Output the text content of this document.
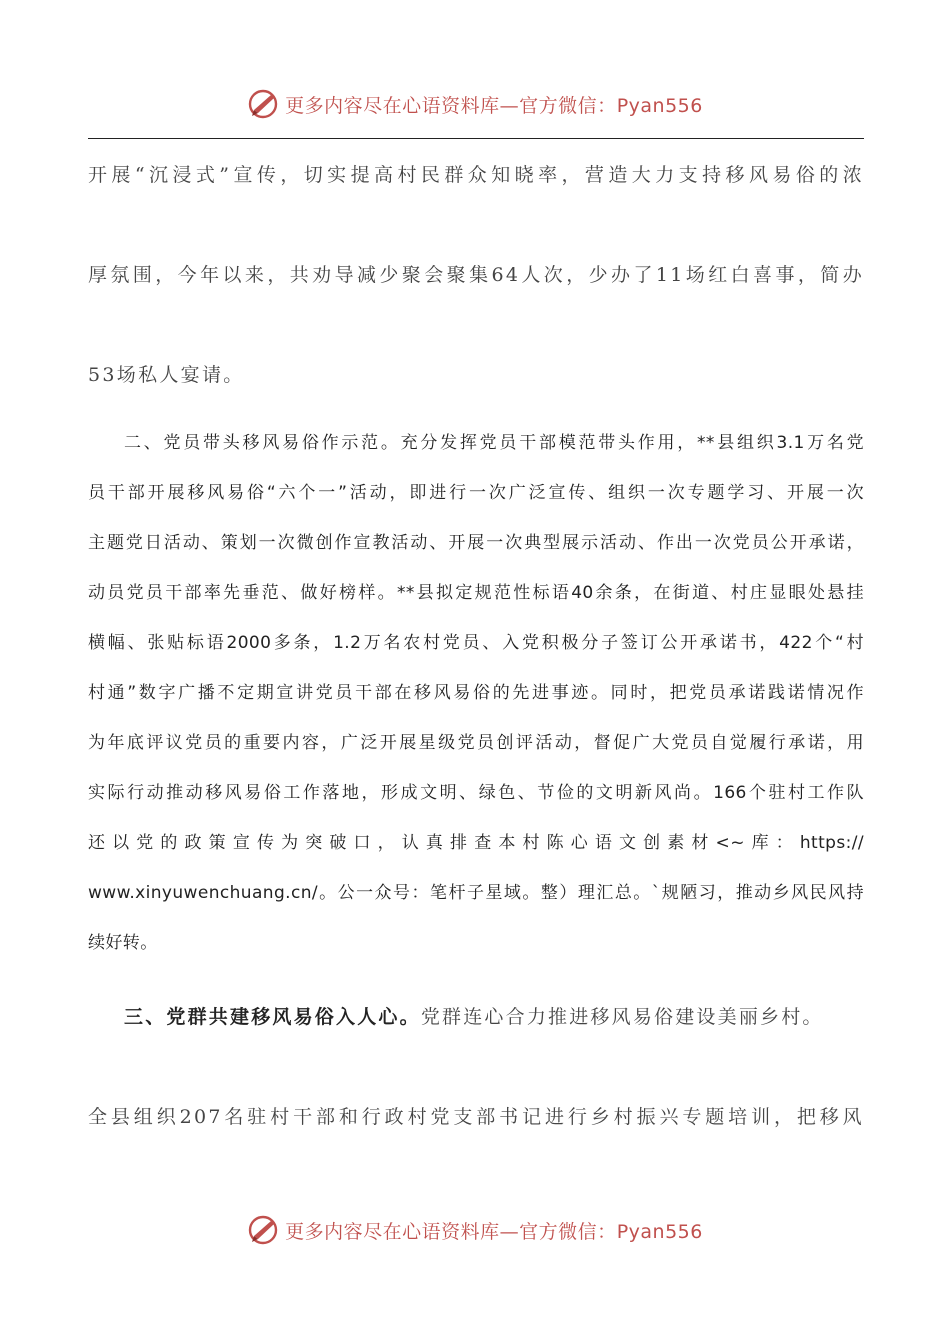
更多内容尽在心语资料库—官方微信：Pyan556

开展“沉浸式”宣传，切实提高村民群众知晓率，营造大力支持移风易俗的浓

厚氛围，今年以来，共劝导减少聚会聚集64人次，少办了11场红白喜事，简办

53场私人宴请。

二、党员带头移风易俗作示范。充分发挥党员干部模范带头作用，**县组织3.1万名党

员干部开展移风易俗“六个一”活动，即进行一次广泛宣传、组织一次专题学习、开展一次

主题党日活动、策划一次微创作宣教活动、开展一次典型展示活动、作出一次党员公开承诺，

动员党员干部率先垂范、做好榜样。**县拟定规范性标语40余条，在街道、村庄显眼处悬挂

横幅、张贴标语2000多条，1.2万名农村党员、入党积极分子签订公开承诺书，422个“村

村通”数字广播不定期宣讲党员干部在移风易俗的先进事迹。同时，把党员承诺践诺情况作

为年底评议党员的重要内容，广泛开展星级党员创评活动，督促广大党员自觉履行承诺，用

实际行动推动移风易俗工作落地，形成文明、绿色、节俭的文明新风尚。166个驻村工作队

还以党的政策宣传为突破口，认真排查本村陈心语文创素材<~库：https://

www.xinyuwenchuang.cn/。公一众号：笔杆子星域。整）理汇总。`规陋习，推动乡风民风持

续好转。

三、党群共建移风易俗入人心。党群连心合力推进移风易俗建设美丽乡村。

全县组织207名驻村干部和行政村党支部书记进行乡村振兴专题培训，把移风

更多内容尽在心语资料库—官方微信：Pyan556
